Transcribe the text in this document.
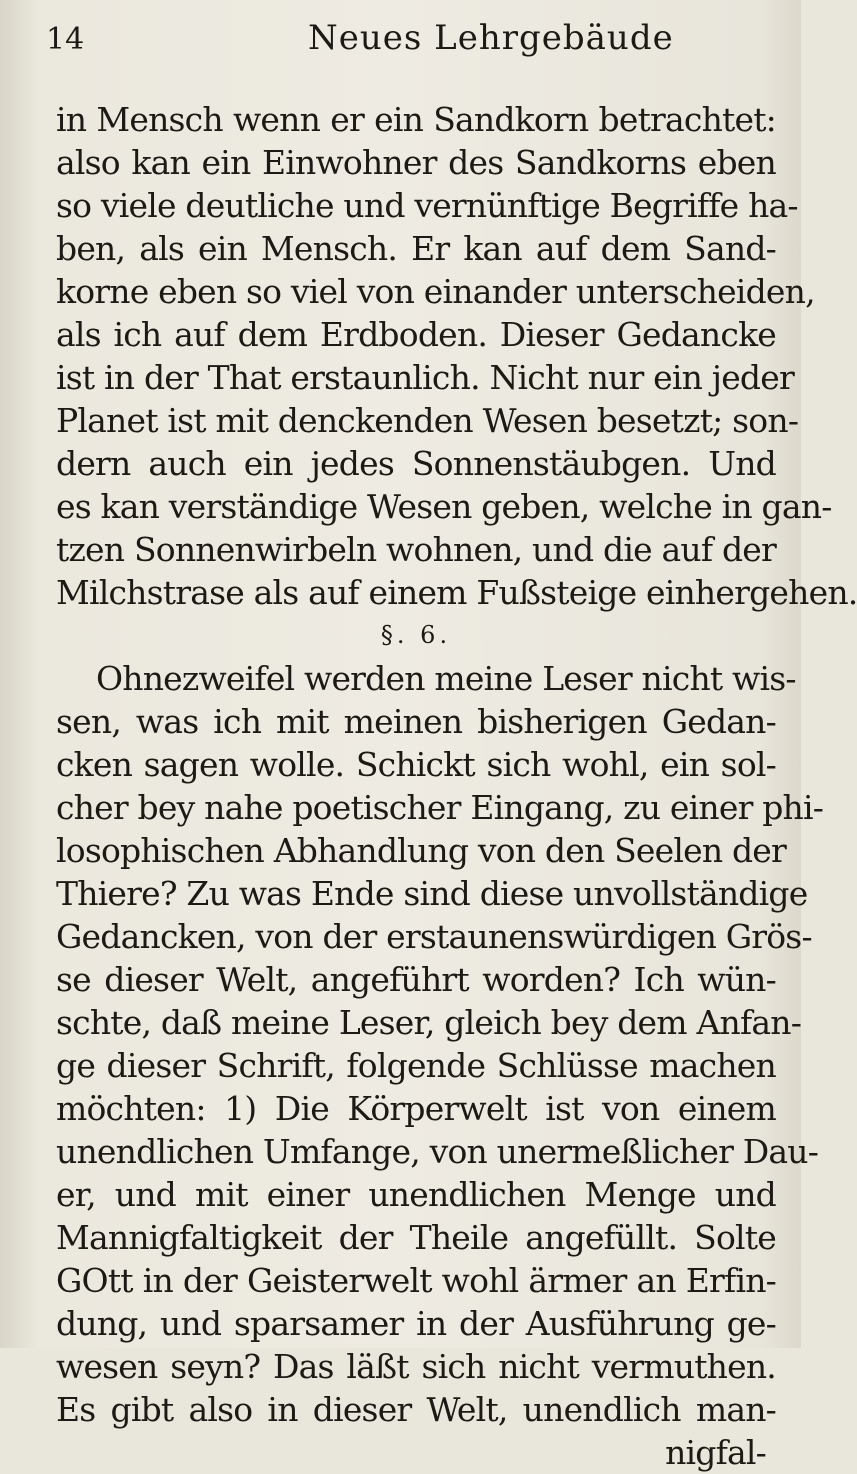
14	Neues Lehrgebäude
in Mensch wenn er ein Sandkorn betrachtet:
also kan ein Einwohner des Sandkorns eben
so viele deutliche und vernünftige Begriffe ha-
ben, als ein Mensch. Er kan auf dem Sand-
korne eben so viel von einander unterscheiden,
als ich auf dem Erdboden. Dieser Gedancke
ist in der That erstaunlich. Nicht nur ein jeder
Planet ist mit denckenden Wesen besetzt; son-
dern auch ein jedes Sonnenstäubgen. Und
es kan verständige Wesen geben, welche in gan-
tzen Sonnenwirbeln wohnen, und die auf der
Milchstrase als auf einem Fußsteige einhergehen.
§. 6.
Ohnezweifel werden meine Leser nicht wis-
sen, was ich mit meinen bisherigen Gedan-
cken sagen wolle. Schickt sich wohl, ein sol-
cher bey nahe poetischer Eingang, zu einer phi-
losophischen Abhandlung von den Seelen der
Thiere? Zu was Ende sind diese unvollständige
Gedancken, von der erstaunenswürdigen Grös-
se dieser Welt, angeführt worden? Ich wün-
schte, daß meine Leser, gleich bey dem Anfan-
ge dieser Schrift, folgende Schlüsse machen
möchten: 1) Die Körperwelt ist von einem
unendlichen Umfange, von unermeßlicher Dau-
er, und mit einer unendlichen Menge und
Mannigfaltigkeit der Theile angefüllt. Solte
GOtt in der Geisterwelt wohl ärmer an Erfin-
dung, und sparsamer in der Ausführung ge-
wesen seyn? Das läßt sich nicht vermuthen.
Es gibt also in dieser Welt, unendlich man-
nigfal-
